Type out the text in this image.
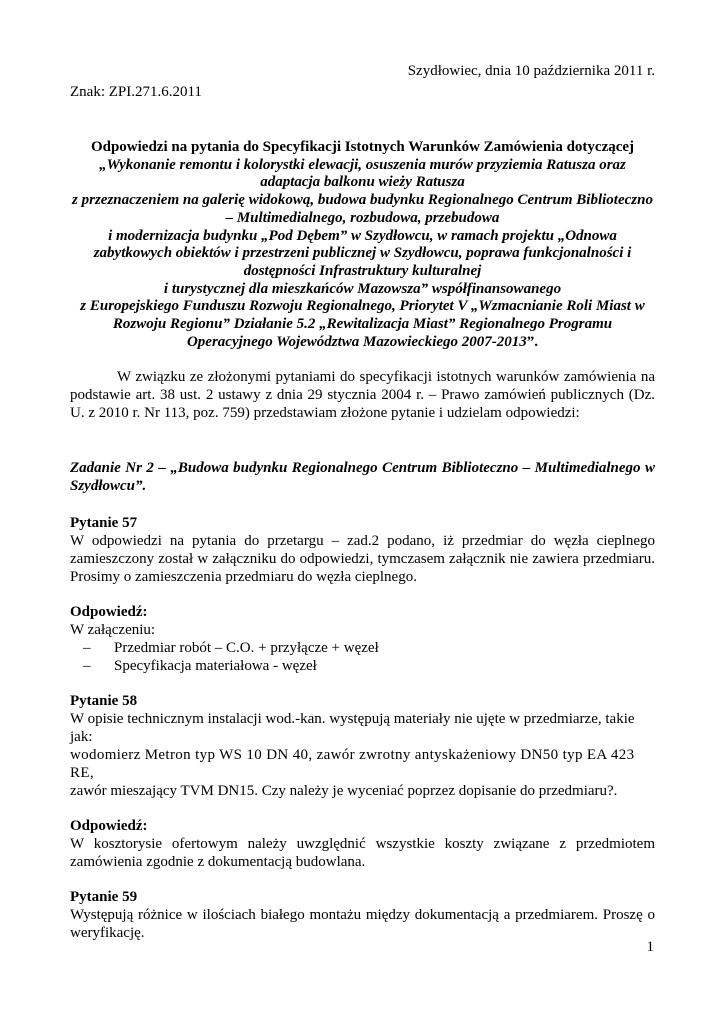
Szydłowiec, dnia 10 października 2011 r.
Znak: ZPI.271.6.2011
Odpowiedzi na pytania do Specyfikacji Istotnych Warunków Zamówienia dotyczącej
„Wykonanie remontu i kolorystki elewacji, osuszenia murów przyziemia Ratusza oraz adaptacja balkonu wieży Ratusza
z przeznaczeniem na galerię widokową, budowa budynku Regionalnego Centrum Biblioteczno – Multimedialnego, rozbudowa, przebudowa
i modernizacja budynku „Pod Dębem” w Szydłowcu, w ramach projektu „Odnowa zabytkowych obiektów i przestrzeni publicznej w Szydłowcu, poprawa funkcjonalności i dostępności Infrastruktury kulturalnej
i turystycznej dla mieszkańców Mazowsza” współfinansowanego
z Europejskiego Funduszu Rozwoju Regionalnego, Priorytet V „Wzmacnianie Roli Miast w Rozwoju Regionu” Działanie 5.2 „Rewitalizacja Miast” Regionalnego Programu Operacyjnego Województwa Mazowieckiego 2007-2013”.
W związku ze złożonymi pytaniami do specyfikacji istotnych warunków zamówienia na podstawie art. 38 ust. 2 ustawy z dnia 29 stycznia 2004 r. – Prawo zamówień publicznych (Dz. U. z 2010 r. Nr 113, poz. 759) przedstawiam złożone pytanie i udzielam odpowiedzi:
Zadanie Nr 2 – „Budowa budynku Regionalnego Centrum Biblioteczno – Multimedialnego w Szydłowcu”.
Pytanie 57
W odpowiedzi na pytania do przetargu – zad.2 podano, iż przedmiar do węzła cieplnego zamieszczony został w załączniku do odpowiedzi, tymczasem załącznik nie zawiera przedmiaru. Prosimy o zamieszczenia przedmiaru do węzła cieplnego.
Odpowiedź:
W załączeniu:
– Przedmiar robót – C.O. + przyłącze + węzeł
– Specyfikacja materiałowa - węzeł
Pytanie 58
W opisie technicznym instalacji wod.-kan. występują materiały nie ujęte w przedmiarze, takie jak:
wodomierz Metron typ WS 10 DN 40, zawór zwrotny antyskażeniowy DN50 typ EA 423 RE,
zawór mieszający TVM DN15. Czy należy je wyceniać poprzez dopisanie do przedmiaru?.
Odpowiedź:
W kosztorysie ofertowym należy uwzględnić wszystkie koszty związane z przedmiotem zamówienia zgodnie z dokumentacją budowlana.
Pytanie 59
Występują różnice w ilościach białego montażu między dokumentacją a przedmiarem. Proszę o weryfikację.
1
